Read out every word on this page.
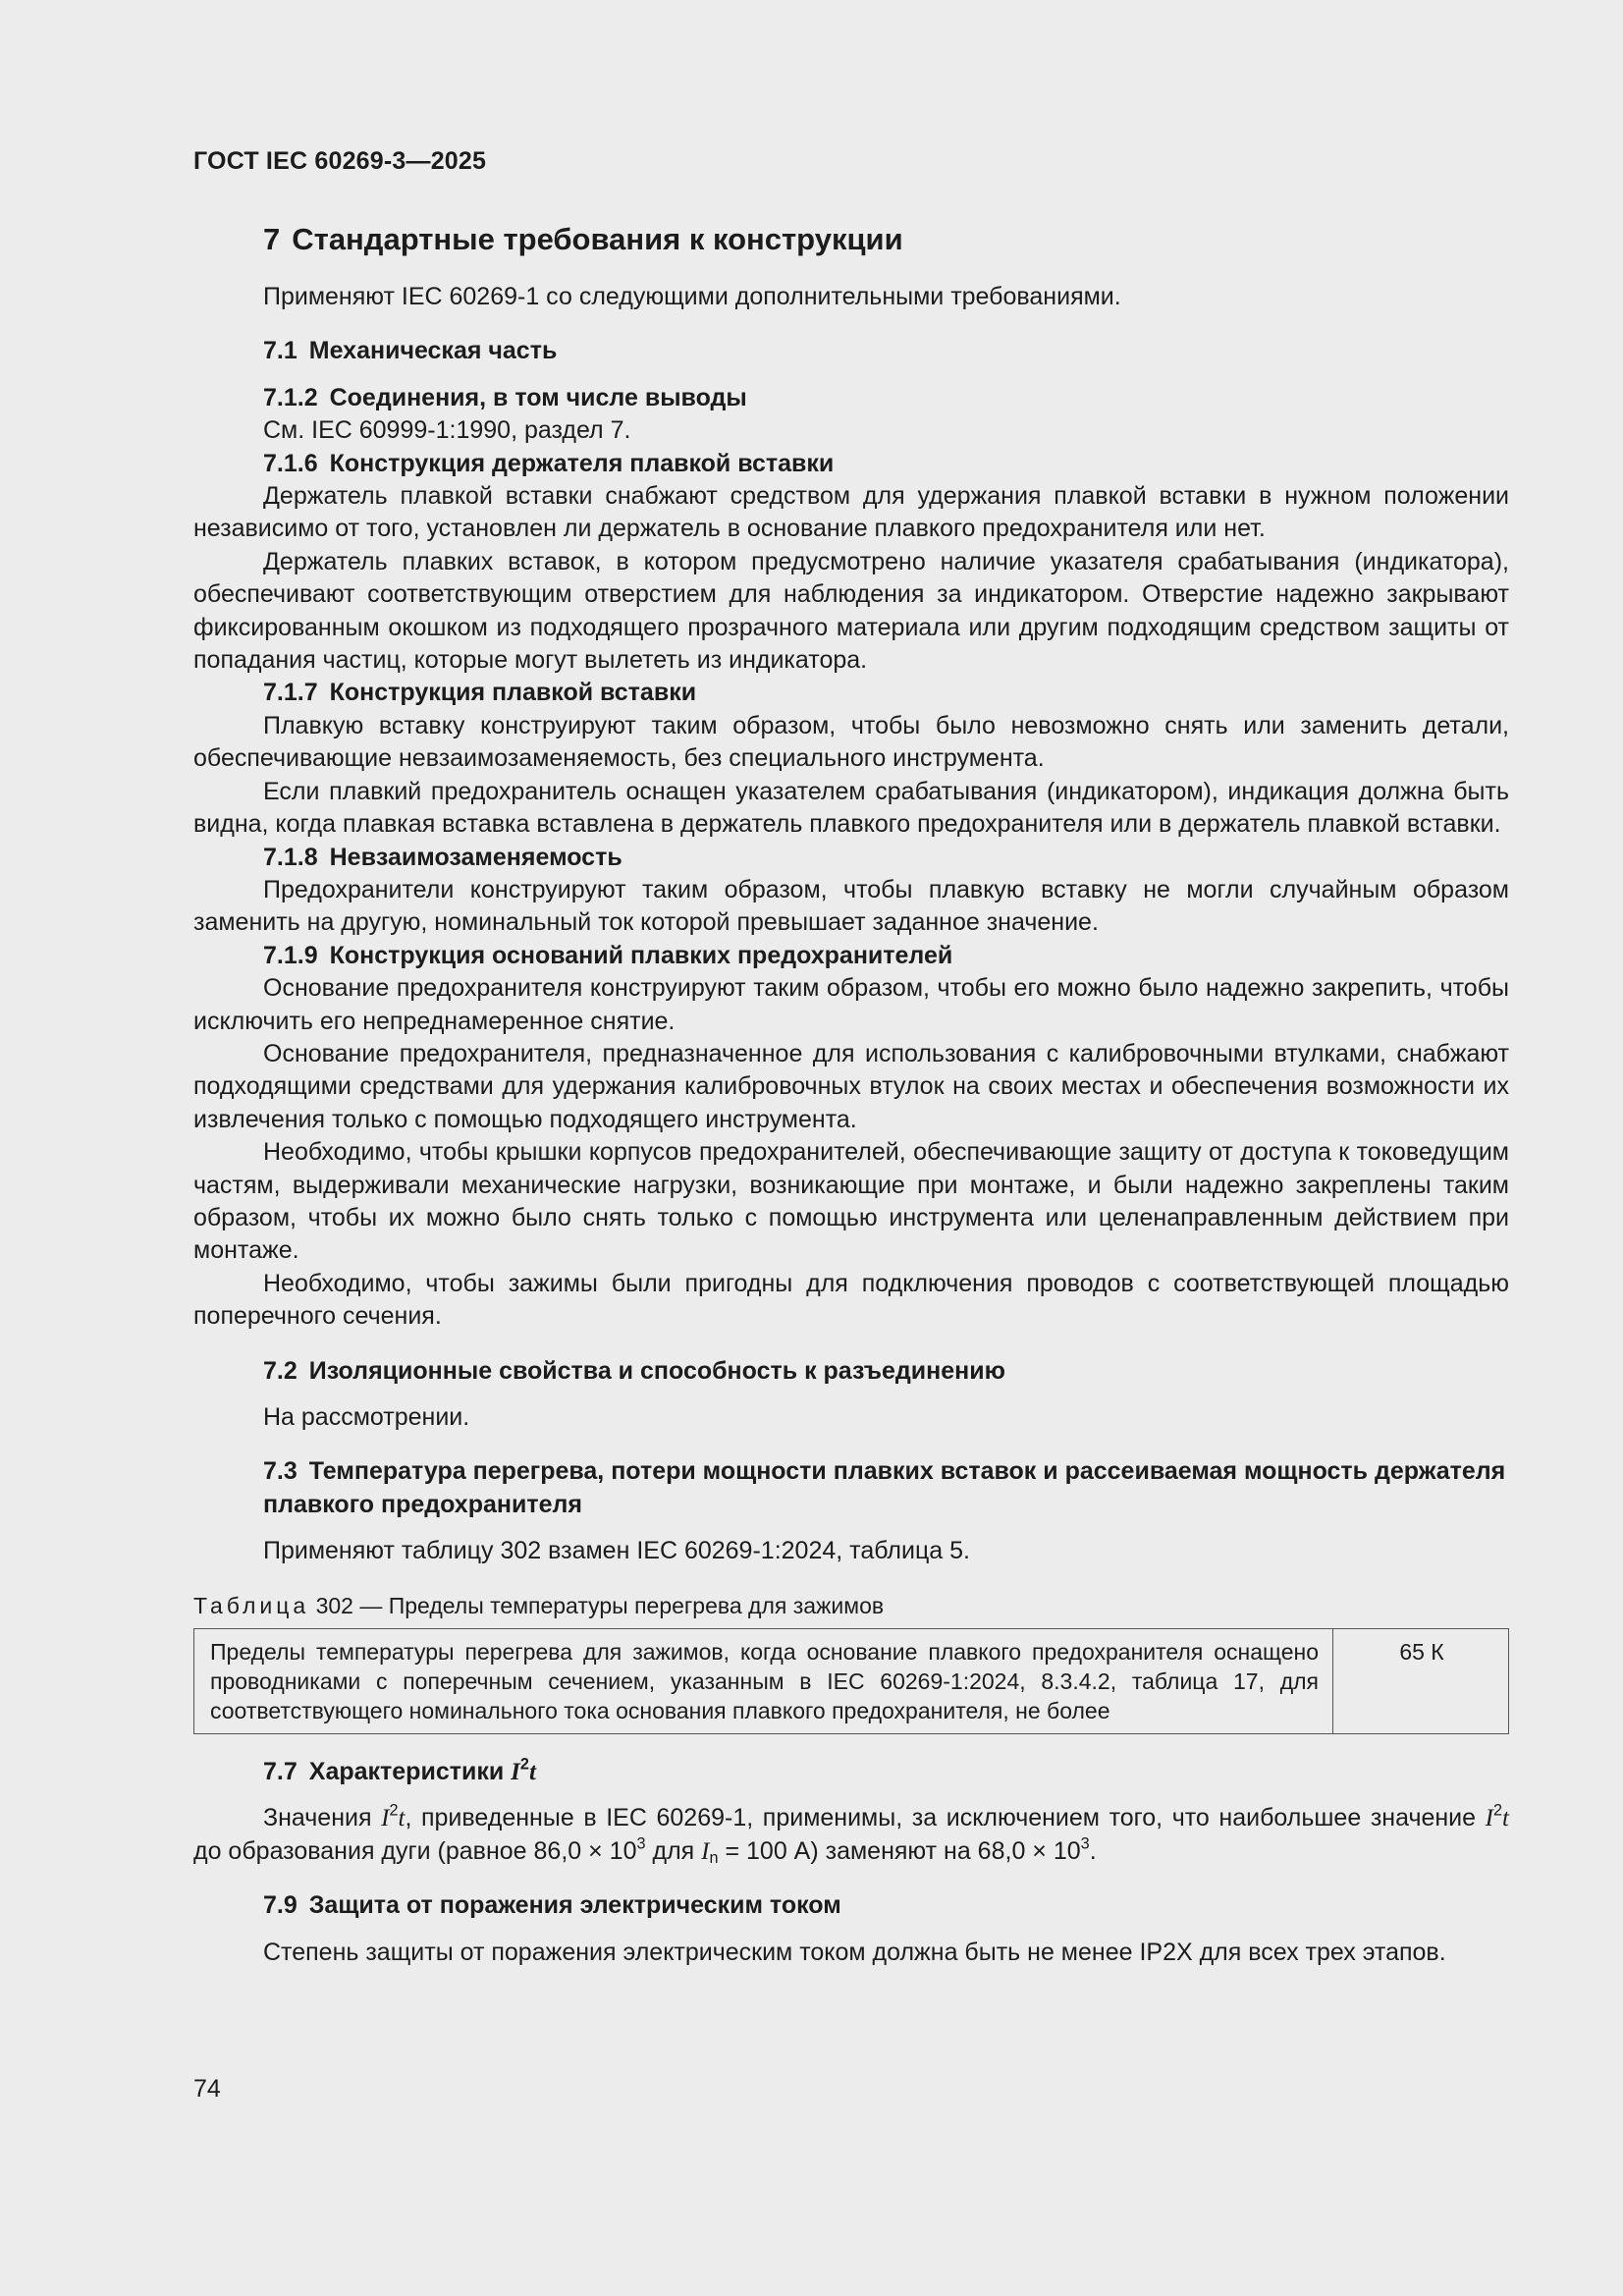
ГОСТ IEC 60269-3—2025
7 Стандартные требования к конструкции

Применяют IEC 60269-1 со следующими дополнительными требованиями.

7.1 Механическая часть
7.1.2 Соединения, в том числе выводы

См. IEC 60999-1:1990, раздел 7.

7.1.6 Конструкция держателя плавкой вставки

Держатель плавкой вставки снабжают средством для удержания плавкой вставки в нужном положении независимо от того, установлен ли держатель в основание плавкого предохранителя или нет.

Держатель плавких вставок, в котором предусмотрено наличие указателя срабатывания (индикатора), обеспечивают соответствующим отверстием для наблюдения за индикатором. Отверстие надежно закрывают фиксированным окошком из подходящего прозрачного материала или другим подходящим средством защиты от попадания частиц, которые могут вылететь из индикатора.

7.1.7 Конструкция плавкой вставки

Плавкую вставку конструируют таким образом, чтобы было невозможно снять или заменить детали, обеспечивающие невзаимозаменяемость, без специального инструмента.

Если плавкий предохранитель оснащен указателем срабатывания (индикатором), индикация должна быть видна, когда плавкая вставка вставлена в держатель плавкого предохранителя или в держатель плавкой вставки.

7.1.8 Невзаимозаменяемость

Предохранители конструируют таким образом, чтобы плавкую вставку не могли случайным образом заменить на другую, номинальный ток которой превышает заданное значение.

7.1.9 Конструкция оснований плавких предохранителей

Основание предохранителя конструируют таким образом, чтобы его можно было надежно закрепить, чтобы исключить его непреднамеренное снятие.

Основание предохранителя, предназначенное для использования с калибровочными втулками, снабжают подходящими средствами для удержания калибровочных втулок на своих местах и обеспечения возможности их извлечения только с помощью подходящего инструмента.

Необходимо, чтобы крышки корпусов предохранителей, обеспечивающие защиту от доступа к токоведущим частям, выдерживали механические нагрузки, возникающие при монтаже, и были надежно закреплены таким образом, чтобы их можно было снять только с помощью инструмента или целенаправленным действием при монтаже.

Необходимо, чтобы зажимы были пригодны для подключения проводов с соответствующей площадью поперечного сечения.

7.2 Изоляционные свойства и способность к разъединению

На рассмотрении.

7.3 Температура перегрева, потери мощности плавких вставок и рассеиваемая мощность держателя плавкого предохранителя

Применяют таблицу 302 взамен IEC 60269-1:2024, таблица 5.

Таблица 302 — Пределы температуры перегрева для зажимов

Пределы температуры перегрева для зажимов, когда основание плавкого предохранителя оснащено проводниками с поперечным сечением, указанным в IEC 60269-1:2024, 8.3.4.2, таблица 17, для соответствующего номинального тока основания плавкого предохранителя, не более	65 К
7.7 Характеристики $I^2t$

Значения $I^2t$, приведенные в IEC 60269-1, применимы, за исключением того, что наибольшее значение $I^2t$ до образования дуги (равное $86,0 \times 10^3$ для $I_n = 100$ А) заменяют на $68,0 \times 10^3$.

7.9 Защита от поражения электрическим током

Степень защиты от поражения электрическим током должна быть не менее IP2X для всех трех этапов.

74
